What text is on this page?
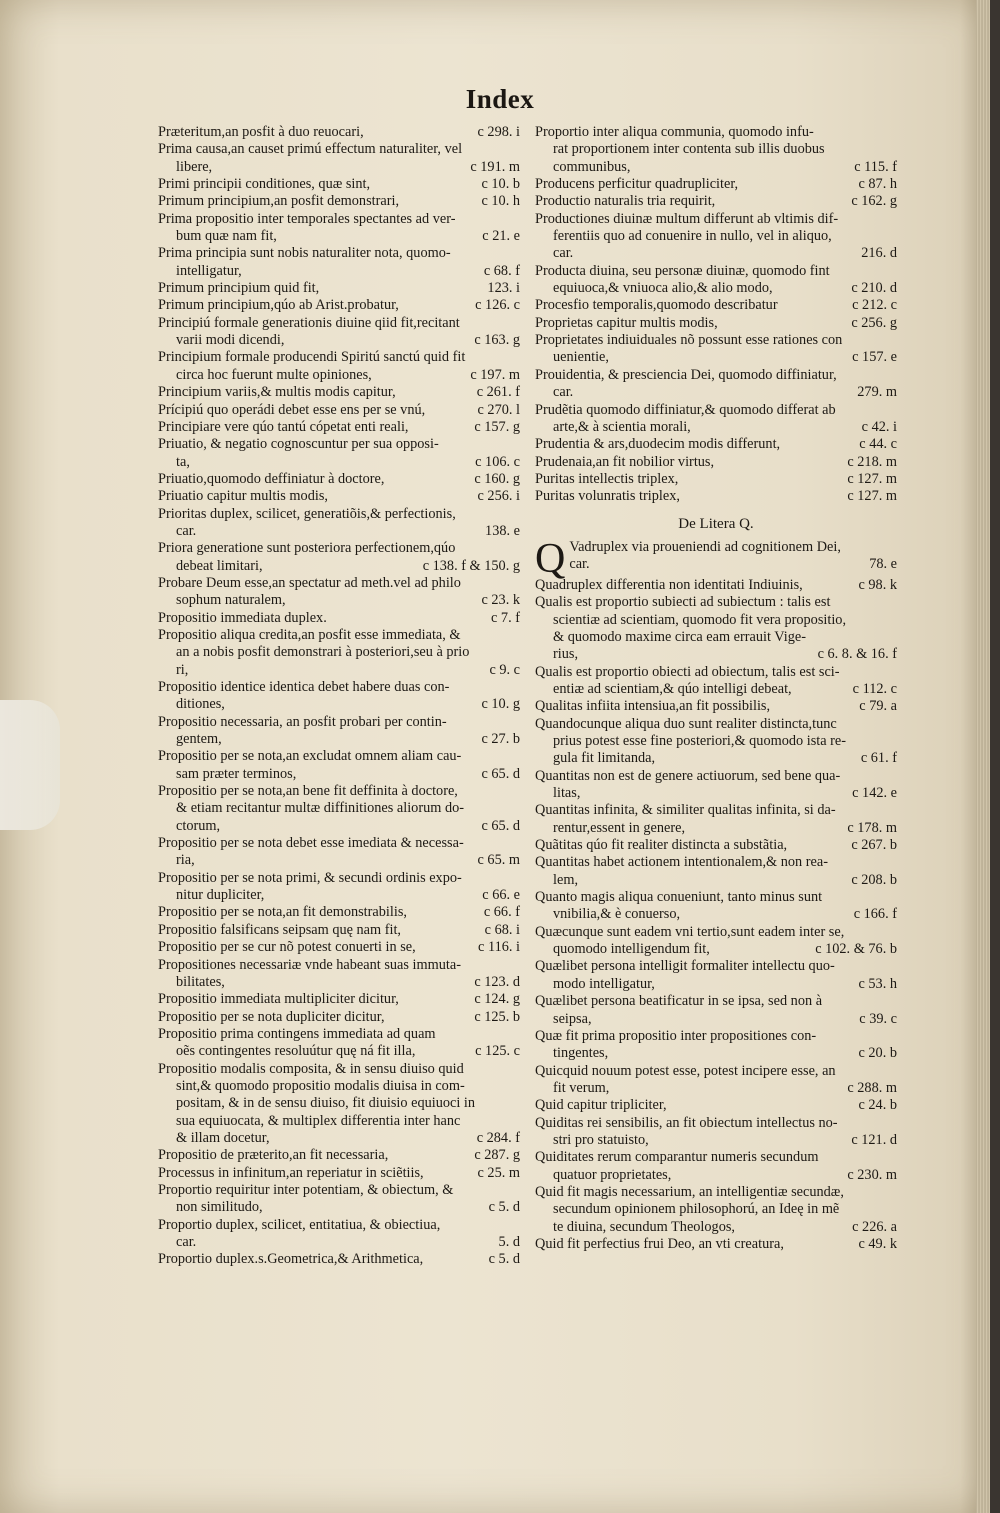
Index
c 298. i
Præteritum,an posfit à duo reuocari,
Prima causa,an causet primú effectum naturaliter, vel
c 191. m
libere,
c 10. b
Primi principii conditiones, quæ sint,
c 10. h
Primum principium,an posfit demonstrari,
Prima propositio inter temporales spectantes ad ver-
c 21. e
bum quæ nam fit,
Prima principia sunt nobis naturaliter nota, quomo-
c 68. f
intelligatur,
123. i
Primum principium quid fit,
c 126. c
Primum principium,qúo ab Arist.probatur,
Principiú formale generationis diuine qiid fit,recitant
c 163. g
varii modi dicendi,
Principium formale producendi Spiritú sanctú quid fit
c 197. m
circa hoc fuerunt multe opiniones,
c 261. f
Principium variis,& multis modis capitur,
c 270. l
Prícipiú quo operádi debet esse ens per se vnú,
c 157. g
Principiare vere qúo tantú cópetat enti reali,
Priuatio, & negatio cognoscuntur per sua opposi-
c 106. c
ta,
c 160. g
Priuatio,quomodo deffiniatur à doctore,
c 256. i
Priuatio capitur multis modis,
Prioritas duplex, scilicet, generatiõis,& perfectionis,
138. e
car.
Priora generatione sunt posteriora perfectionem,qúo
c 138. f & 150. g
debeat limitari,
Probare Deum esse,an spectatur ad meth.vel ad philo
c 23. k
sophum naturalem,
c 7. f
Propositio immediata duplex.
Propositio aliqua credita,an posfit esse immediata, &
an a nobis posfit demonstrari à posteriori,seu à prio
c 9. c
ri,
Propositio identice identica debet habere duas con-
c 10. g
ditiones,
Propositio necessaria, an posfit probari per contin-
c 27. b
gentem,
Propositio per se nota,an excludat omnem aliam cau-
c 65. d
sam præter terminos,
Propositio per se nota,an bene fit deffinita à doctore,
& etiam recitantur multæ diffinitiones aliorum do-
c 65. d
ctorum,
Propositio per se nota debet esse imediata & necessa-
c 65. m
ria,
Propositio per se nota primi, & secundi ordinis expo-
c 66. e
nitur dupliciter,
c 66. f
Propositio per se nota,an fit demonstrabilis,
c 68. i
Propositio falsificans seipsam quę nam fit,
c 116. i
Propositio per se cur nõ potest conuerti in se,
Propositiones necessariæ vnde habeant suas immuta-
c 123. d
bilitates,
c 124. g
Propositio immediata multipliciter dicitur,
c 125. b
Propositio per se nota dupliciter dicitur,
Propositio prima contingens immediata ad quam
c 125. c
oẽs contingentes resoluútur quę ná fit illa,
Propositio modalis composita, & in sensu diuiso quid
sint,& quomodo propositio modalis diuisa in com-
positam, & in de sensu diuiso, fit diuisio equiuoci in
sua equiuocata, & multiplex differentia inter hanc
c 284. f
& illam docetur,
c 287. g
Propositio de præterito,an fit necessaria,
c 25. m
Processus in infinitum,an reperiatur in sciẽtiis,
Proportio requiritur inter potentiam, & obiectum, &
c 5. d
non similitudo,
Proportio duplex, scilicet, entitatiua, & obiectiua,
5. d
car.
c 5. d
Proportio duplex.s.Geometrica,& Arithmetica,
Proportio inter aliqua communia, quomodo infu-
rat proportionem inter contenta sub illis duobus
c 115. f
communibus,
c 87. h
Producens perficitur quadrupliciter,
c 162. g
Productio naturalis tria requirit,
Productiones diuinæ multum differunt ab vltimis dif-
ferentiis quo ad conuenire in nullo, vel in aliquo,
216. d
car.
Producta diuina, seu personæ diuinæ, quomodo fint
c 210. d
equiuoca,& vniuoca alio,& alio modo,
c 212. c
Procesfio temporalis,quomodo describatur
c 256. g
Proprietas capitur multis modis,
Proprietates indiuiduales nõ possunt esse rationes con
c 157. e
uenientie,
Prouidentia, & presciencia Dei, quomodo diffiniatur,
279. m
car.
Prudẽtia quomodo diffiniatur,& quomodo differat ab
c 42. i
arte,& à scientia morali,
c 44. c
Prudentia & ars,duodecim modis differunt,
c 218. m
Prudenaia,an fit nobilior virtus,
c 127. m
Puritas intellectis triplex,
c 127. m
Puritas volunratis triplex,
De Litera Q.
Q Vadruplex via proueniendi ad cognitionem Dei,
78. e
car.
c 98. k
Quadruplex differentia non identitati Indiuinis,
Qualis est proportio subiecti ad subiectum : talis est
scientiæ ad scientiam, quomodo fit vera propositio,
& quomodo maxime circa eam errauit Vige-
c 6. 8. & 16. f
rius,
Qualis est proportio obiecti ad obiectum, talis est sci-
c 112. c
entiæ ad scientiam,& qúo intelligi debeat,
c 79. a
Qualitas infiita intensiua,an fit possibilis,
Quandocunque aliqua duo sunt realiter distincta,tunc
prius potest esse fine posteriori,& quomodo ista re-
c 61. f
gula fit limitanda,
Quantitas non est de genere actiuorum, sed bene qua-
c 142. e
litas,
Quantitas infinita, & similiter qualitas infinita, si da-
c 178. m
rentur,essent in genere,
c 267. b
Quãtitas qúo fit realiter distincta a substãtia,
Quantitas habet actionem intentionalem,& non rea-
c 208. b
lem,
Quanto magis aliqua conueniunt, tanto minus sunt
c 166. f
vnibilia,& è conuerso,
Quæcunque sunt eadem vni tertio,sunt eadem inter se,
c 102. & 76. b
quomodo intelligendum fit,
Quælibet persona intelligit formaliter intellectu quo-
c 53. h
modo intelligatur,
Quælibet persona beatificatur in se ipsa, sed non à
c 39. c
seipsa,
Quæ fit prima propositio inter propositiones con-
c 20. b
tingentes,
Quicquid nouum potest esse, potest incipere esse, an
c 288. m
fit verum,
c 24. b
Quid capitur tripliciter,
Quiditas rei sensibilis, an fit obiectum intellectus no-
c 121. d
stri pro statuisto,
Quiditates rerum comparantur numeris secundum
c 230. m
quatuor proprietates,
Quid fit magis necessarium, an intelligentiæ secundæ,
secundum opinionem philosophorú, an Ideę in mẽ
c 226. a
te diuina, secundum Theologos,
c 49. k
Quid fit perfectius frui Deo, an vti creatura,
